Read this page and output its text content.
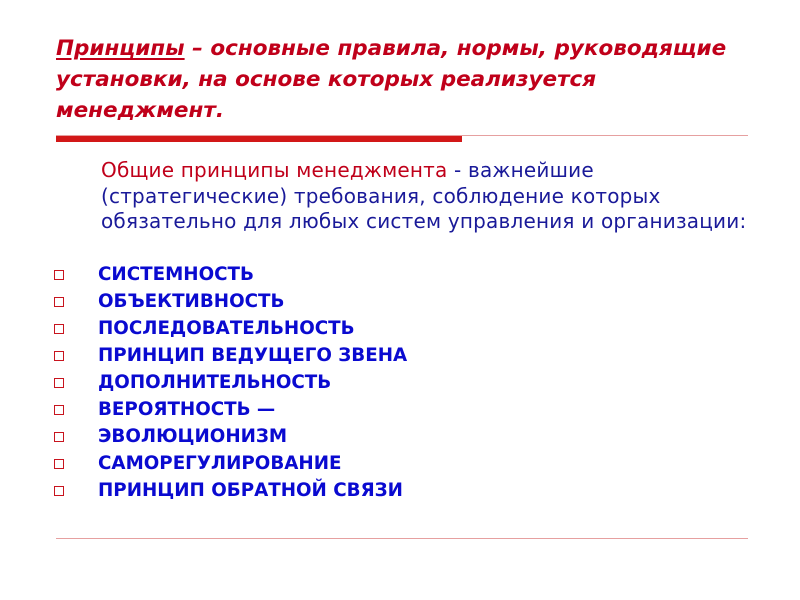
Принципы – основные правила, нормы, руководящие установки, на основе которых реализуется менеджмент.

Общие принципы менеджмента - важнейшие (стратегические) требования, соблюдение которых обязательно для любых систем управления и организации:

СИСТЕМНОСТЬ
ОБЪЕКТИВНОСТЬ
ПОСЛЕДОВАТЕЛЬНОСТЬ
ПРИНЦИП ВЕДУЩЕГО ЗВЕНА
ДОПОЛНИТЕЛЬНОСТЬ
ВЕРОЯТНОСТЬ —
ЭВОЛЮЦИОНИЗМ
САМОРЕГУЛИРОВАНИЕ
ПРИНЦИП ОБРАТНОЙ СВЯЗИ
